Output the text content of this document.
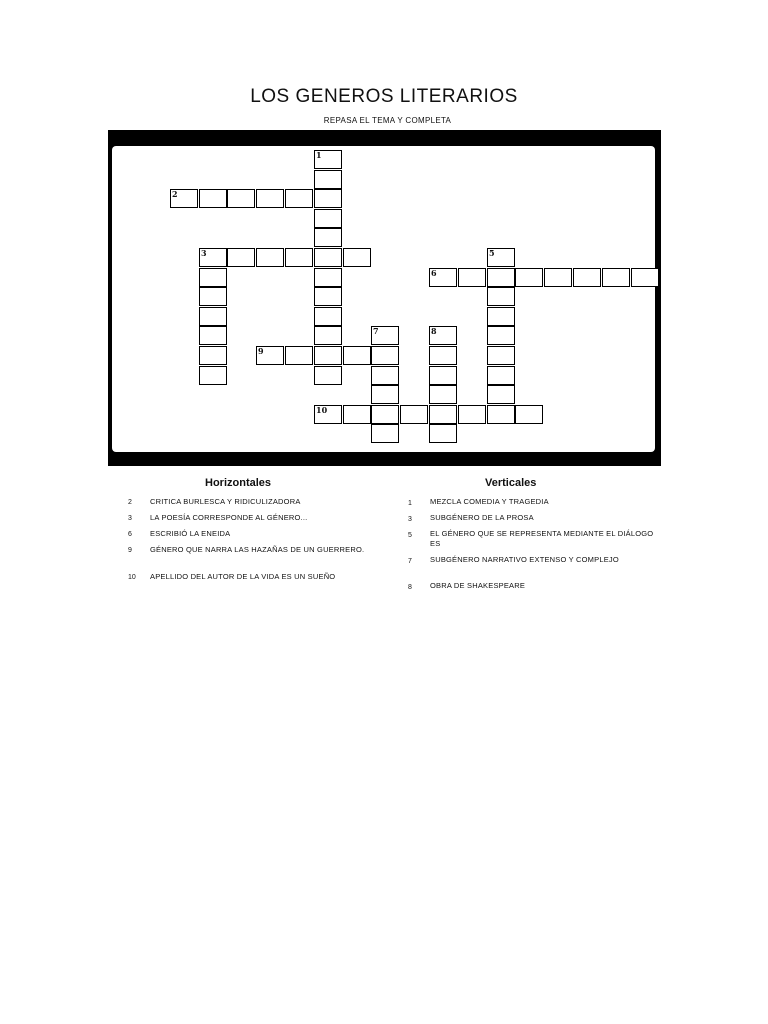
LOS GENEROS LITERARIOS
REPASA EL TEMA Y COMPLETA
1
2
3	5
6
7	8
9
10
Horizontales	Verticales
2 CRITICA BURLESCA Y RIDICULIZADORA
3 LA POESÍA CORRESPONDE AL GÉNERO...
6 ESCRIBIÓ LA ENEIDA
9 GÉNERO QUE NARRA LAS HAZAÑAS DE UN GUERRERO.
10 APELLIDO DEL AUTOR DE LA VIDA ES UN SUEÑO
1 MEZCLA COMEDIA Y TRAGEDIA
3 SUBGÉNERO DE LA PROSA
5 EL GÉNERO QUE SE REPRESENTA MEDIANTE EL DIÁLOGO ES
7 SUBGÉNERO NARRATIVO EXTENSO Y COMPLEJO
8 OBRA DE SHAKESPEARE
